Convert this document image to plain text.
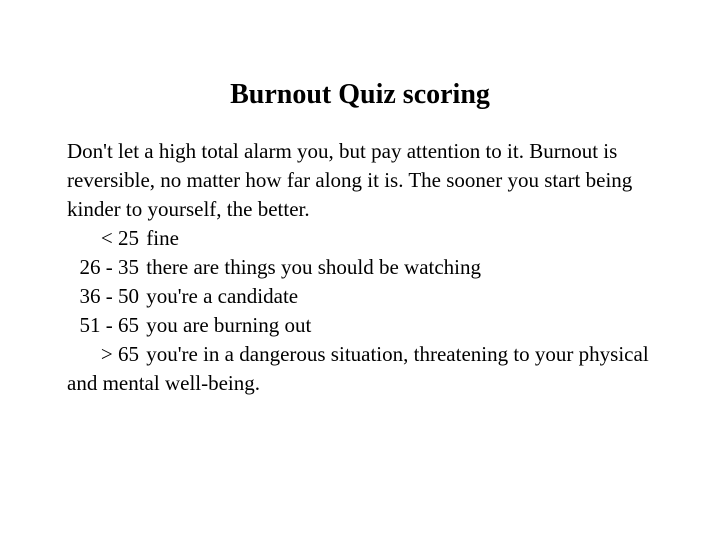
Burnout Quiz scoring

Don't let a high total alarm you, but pay attention to it. Burnout is reversible, no matter how far along it is. The sooner you start being kinder to yourself, the better.

< 25 fine
26 - 35 there are things you should be watching
36 - 50 you're a candidate
51 - 65 you are burning out
> 65 you're in a dangerous situation, threatening to your physical and mental well-being.
